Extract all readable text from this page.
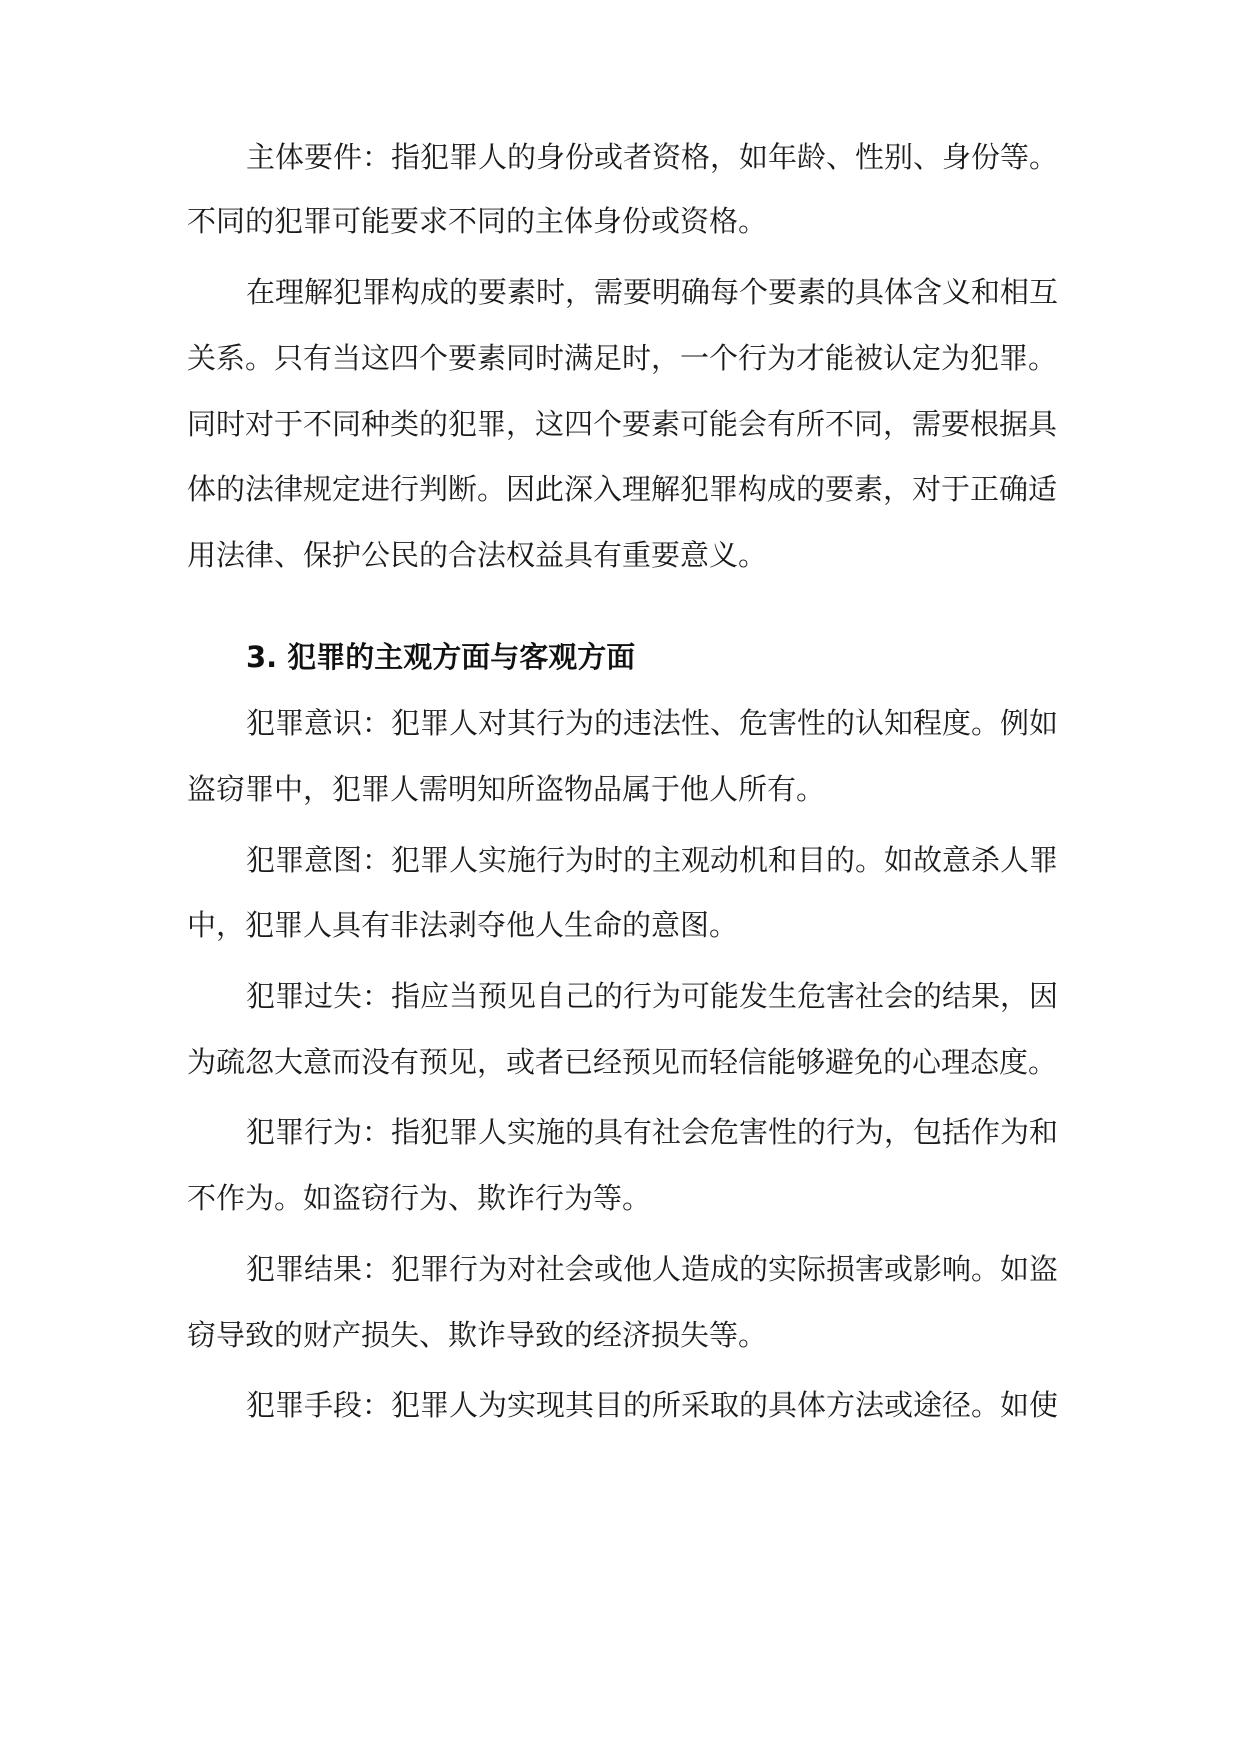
主体要件：指犯罪人的身份或者资格，如年龄、性别、身份等。
不同的犯罪可能要求不同的主体身份或资格。
在理解犯罪构成的要素时，需要明确每个要素的具体含义和相互
关系。只有当这四个要素同时满足时，一个行为才能被认定为犯罪。
同时对于不同种类的犯罪，这四个要素可能会有所不同，需要根据具
体的法律规定进行判断。因此深入理解犯罪构成的要素，对于正确适
用法律、保护公民的合法权益具有重要意义。
3. 犯罪的主观方面与客观方面
犯罪意识：犯罪人对其行为的违法性、危害性的认知程度。例如
盗窃罪中，犯罪人需明知所盗物品属于他人所有。
犯罪意图：犯罪人实施行为时的主观动机和目的。如故意杀人罪
中，犯罪人具有非法剥夺他人生命的意图。
犯罪过失：指应当预见自己的行为可能发生危害社会的结果，因
为疏忽大意而没有预见，或者已经预见而轻信能够避免的心理态度。
犯罪行为：指犯罪人实施的具有社会危害性的行为，包括作为和
不作为。如盗窃行为、欺诈行为等。
犯罪结果：犯罪行为对社会或他人造成的实际损害或影响。如盗
窃导致的财产损失、欺诈导致的经济损失等。
犯罪手段：犯罪人为实现其目的所采取的具体方法或途径。如使
